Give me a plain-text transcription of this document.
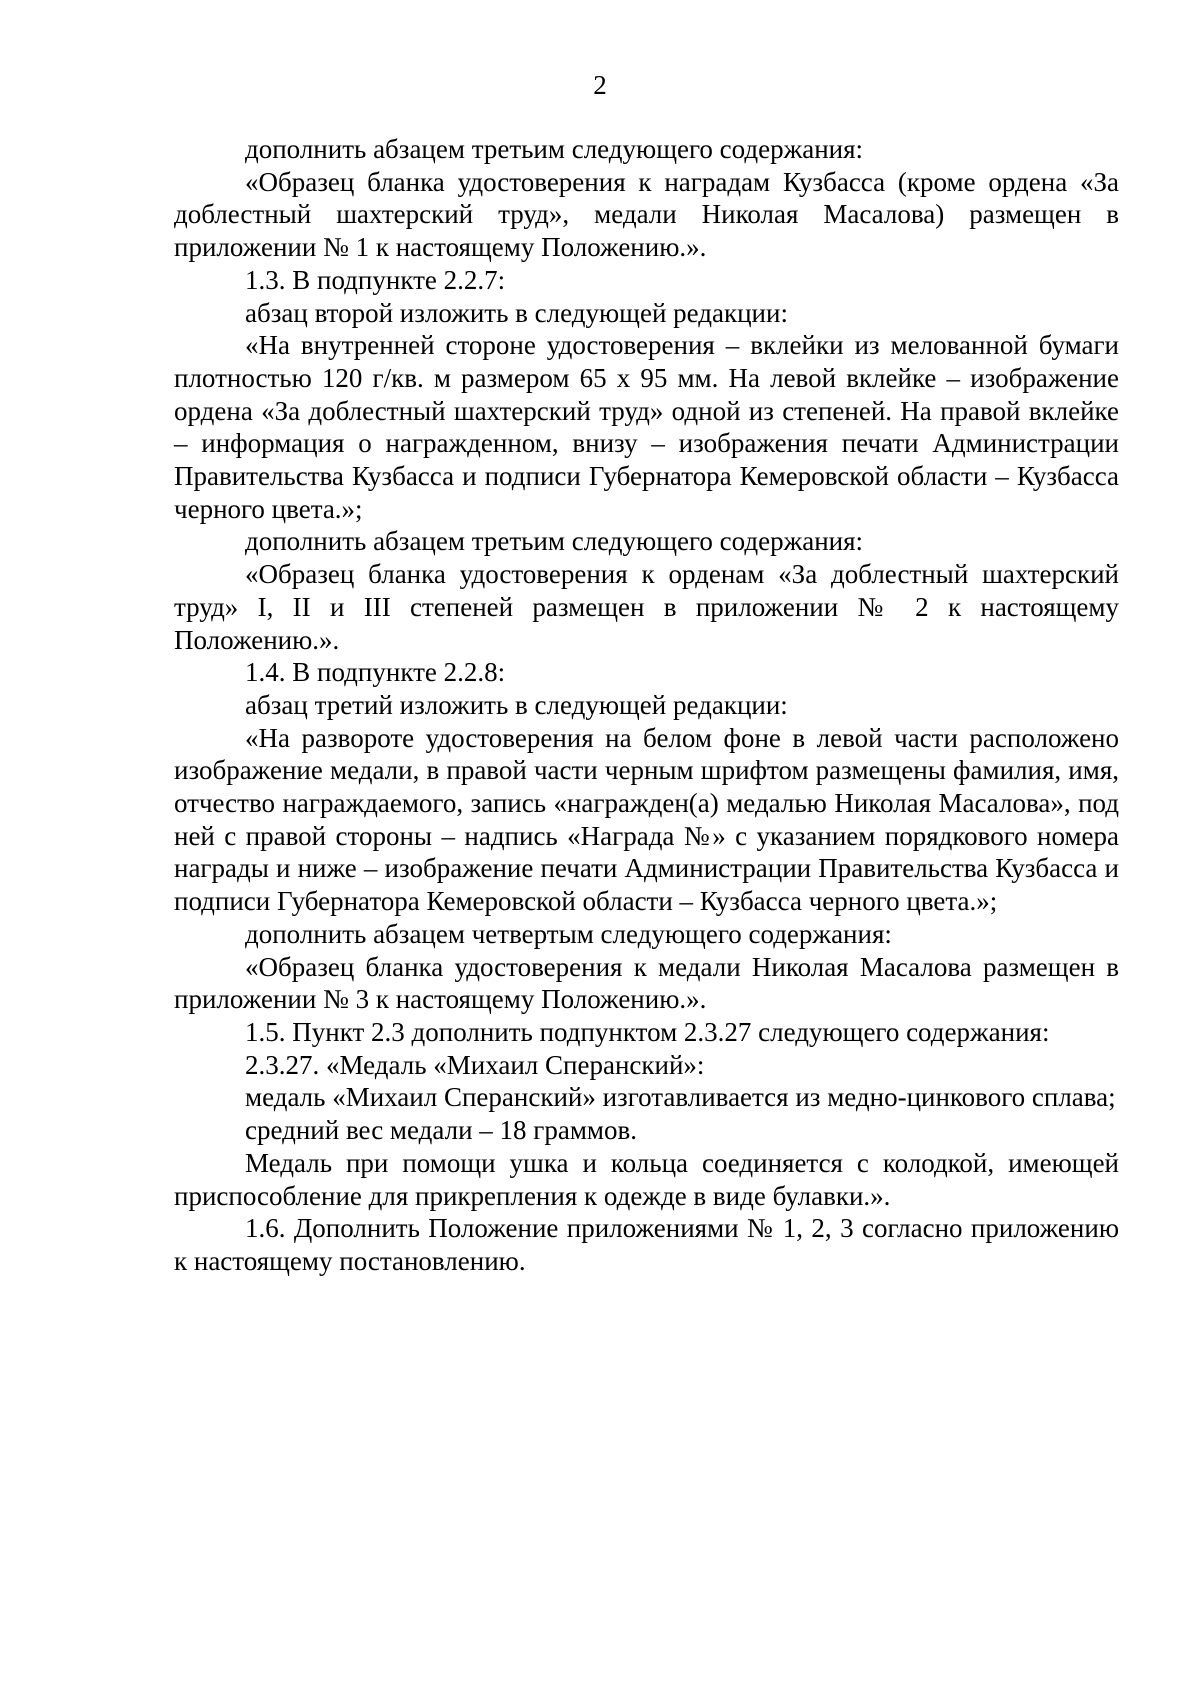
2

дополнить абзацем третьим следующего содержания:

«Образец бланка удостоверения к наградам Кузбасса (кроме ордена «За доблестный шахтерский труд», медали Николая Масалова) размещен в приложении № 1 к настоящему Положению.».

1.3. В подпункте 2.2.7:

абзац второй изложить в следующей редакции:

«На внутренней стороне удостоверения – вклейки из мелованной бумаги плотностью 120 г/кв. м размером 65 х 95 мм. На левой вклейке – изображение ордена «За доблестный шахтерский труд» одной из степеней. На правой вклейке – информация о награжденном, внизу – изображения печати Администрации Правительства Кузбасса и подписи Губернатора Кемеровской области – Кузбасса черного цвета.»;

дополнить абзацем третьим следующего содержания:

«Образец бланка удостоверения к орденам «За доблестный шахтерский труд» I, II и III степеней размещен в приложении № 2 к настоящему Положению.».

1.4. В подпункте 2.2.8:

абзац третий изложить в следующей редакции:

«На развороте удостоверения на белом фоне в левой части расположено изображение медали, в правой части черным шрифтом размещены фамилия, имя, отчество награждаемого, запись «награжден(а) медалью Николая Масалова», под ней с правой стороны – надпись «Награда №» с указанием порядкового номера награды и ниже – изображение печати Администрации Правительства Кузбасса и подписи Губернатора Кемеровской области – Кузбасса черного цвета.»;

дополнить абзацем четвертым следующего содержания:

«Образец бланка удостоверения к медали Николая Масалова размещен в приложении № 3 к настоящему Положению.».

1.5. Пункт 2.3 дополнить подпунктом 2.3.27 следующего содержания:

2.3.27. «Медаль «Михаил Сперанский»:

медаль «Михаил Сперанский» изготавливается из медно-цинкового сплава;

средний вес медали – 18 граммов.

Медаль при помощи ушка и кольца соединяется с колодкой, имеющей приспособление для прикрепления к одежде в виде булавки.».

1.6. Дополнить Положение приложениями № 1, 2, 3 согласно приложению к настоящему постановлению.
